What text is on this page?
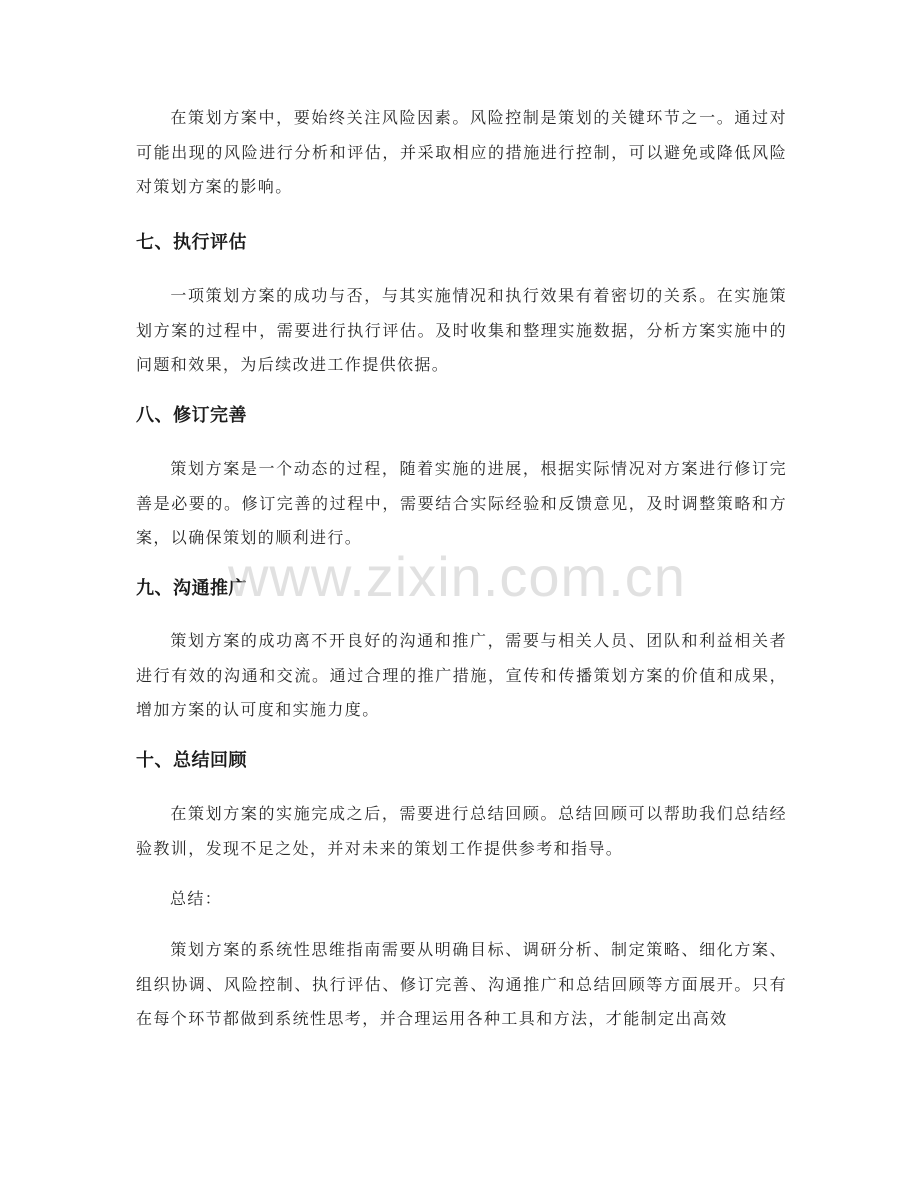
在策划方案中，要始终关注风险因素。风险控制是策划的关键环节之一。通过对可能出现的风险进行分析和评估，并采取相应的措施进行控制，可以避免或降低风险对策划方案的影响。

七、执行评估

一项策划方案的成功与否，与其实施情况和执行效果有着密切的关系。在实施策划方案的过程中，需要进行执行评估。及时收集和整理实施数据，分析方案实施中的问题和效果，为后续改进工作提供依据。

八、修订完善

策划方案是一个动态的过程，随着实施的进展，根据实际情况对方案进行修订完善是必要的。修订完善的过程中，需要结合实际经验和反馈意见，及时调整策略和方案，以确保策划的顺利进行。

九、沟通推广

策划方案的成功离不开良好的沟通和推广，需要与相关人员、团队和利益相关者进行有效的沟通和交流。通过合理的推广措施，宣传和传播策划方案的价值和成果，增加方案的认可度和实施力度。

十、总结回顾

在策划方案的实施完成之后，需要进行总结回顾。总结回顾可以帮助我们总结经验教训，发现不足之处，并对未来的策划工作提供参考和指导。

总结：

策划方案的系统性思维指南需要从明确目标、调研分析、制定策略、细化方案、组织协调、风险控制、执行评估、修订完善、沟通推广和总结回顾等方面展开。只有在每个环节都做到系统性思考，并合理运用各种工具和方法，才能制定出高效

www.zixin.com.cn
